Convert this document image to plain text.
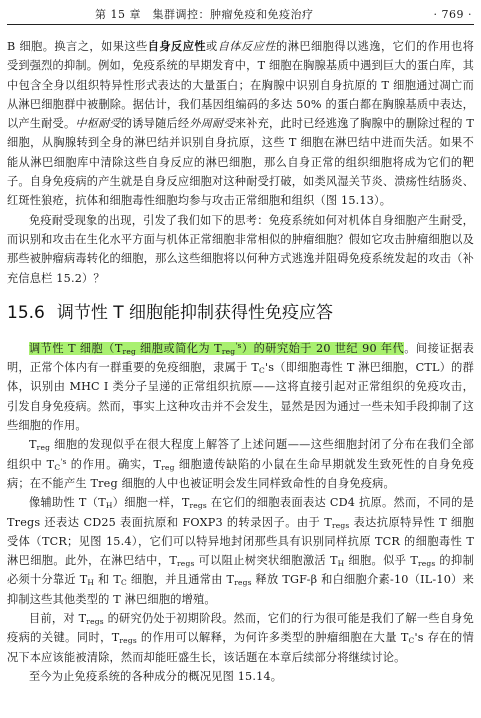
第 15 章　集群调控：肿瘤免疫和免疫治疗	· 769 ·

B 细胞。换言之，如果这些自身反应性或自体反应性的淋巴细胞得以逃逸，它们的作用也将受到强烈的抑制。例如，免疫系统的早期发育中，T 细胞在胸腺基质中遇到巨大的蛋白库，其中包含全身以组织特异性形式表达的大量蛋白；在胸腺中识别自身抗原的 T 细胞通过凋亡而从淋巴细胞群中被删除。据估计，我们基因组编码的多达 50% 的蛋白都在胸腺基质中表达，以产生耐受。中枢耐受的诱导随后经外周耐受来补充，此时已经逃逸了胸腺中的删除过程的 T 细胞，从胸腺转到全身的淋巴结并识别自身抗原，这些 T 细胞在淋巴结中进而失活。如果不能从淋巴细胞库中清除这些自身反应的淋巴细胞，那么自身正常的组织细胞将成为它们的靶子。自身免疫病的产生就是自身反应细胞对这种耐受打破，如类风湿关节炎、溃疡性结肠炎、红斑性狼疮，抗体和细胞毒性细胞均参与攻击正常细胞和组织（图 15.13）。

免疫耐受现象的出现，引发了我们如下的思考：免疫系统如何对机体自身细胞产生耐受，而识别和攻击在生化水平方面与机体正常细胞非常相似的肿瘤细胞？假如它攻击肿瘤细胞以及那些被肿瘤病毒转化的细胞，那么这些细胞将以何种方式逃逸并阻碍免疫系统发起的攻击（补充信息栏 15.2）？

15.6 调节性 T 细胞能抑制获得性免疫应答

调节性 T 细胞（$T_{reg}$ 细胞或简化为 $T_{reg}^{'s}$）的研究始于 20 世纪 90 年代。间接证据表明，正常个体内有一群重要的免疫细胞，隶属于 $T_C's$（即细胞毒性 T 淋巴细胞，CTL）的群体，识别由 MHC I 类分子呈递的正常组织抗原——这将直接引起对正常组织的免疫攻击，引发自身免疫病。然而，事实上这种攻击并不会发生，显然是因为通过一些未知手段抑制了这些细胞的作用。

$T_{reg}$ 细胞的发现似乎在很大程度上解答了上述问题——这些细胞封闭了分布在我们全部组织中 $T_C^{'s}$ 的作用。确实，$T_{reg}$ 细胞遗传缺陷的小鼠在生命早期就发生致死性的自身免疫病；在不能产生 Treg 细胞的人中也被证明会发生同样致命性的自身免疫病。

像辅助性 $T(T_H)$细胞一样，$T_{regs}$ 在它们的细胞表面表达 CD4 抗原。然而，不同的是 Tregs 还表达 CD25 表面抗原和 FOXP3 的转录因子。由于 $T_{regs}$ 表达抗原特异性 T 细胞受体（TCR；见图 15.4），它们可以特异地封闭那些具有识别同样抗原 TCR 的细胞毒性 T 淋巴细胞。此外，在淋巴结中，$T_{regs}$ 可以阻止树突状细胞激活 $T_H$ 细胞。似乎 $T_{regs}$ 的抑制必须十分靠近 $T_H$ 和 $T_C$ 细胞，并且通常由 $T_{regs}$ 释放 TGF-β 和白细胞介素-10（IL-10）来抑制这些其他类型的 T 淋巴细胞的增殖。

目前，对 $T_{regs}$ 的研究仍处于初期阶段。然而，它们的行为很可能是我们了解一些自身免疫病的关键。同时，$T_{regs}$ 的作用可以解释，为何许多类型的肿瘤细胞在大量 $T_C's$ 存在的情况下本应该能被清除，然而却能旺盛生长，该话题在本章后续部分将继续讨论。

至今为止免疫系统的各种成分的概况见图 15.14。
